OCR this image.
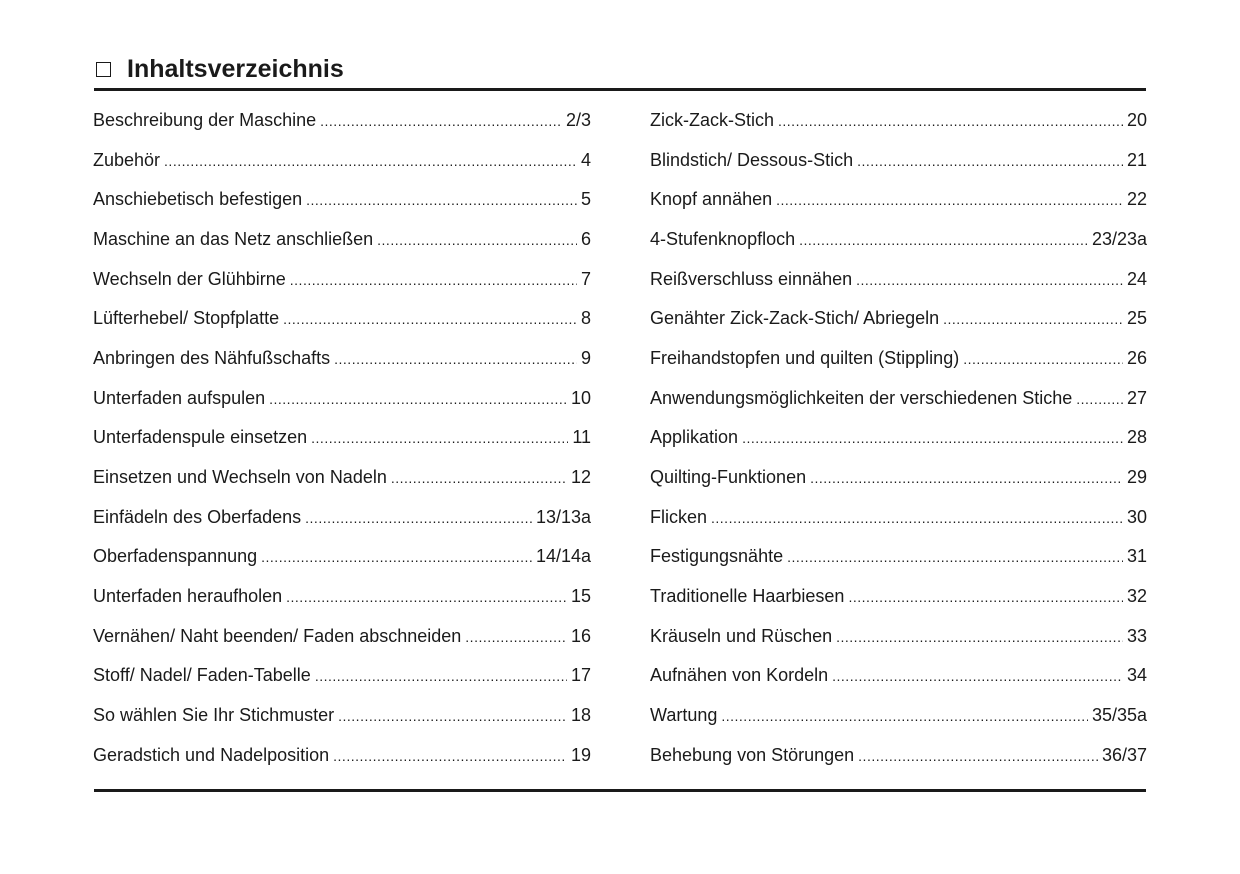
Inhaltsverzeichnis
Beschreibung der Maschine .....	2/3
Zubehör .....	4
Anschiebetisch befestigen .....	5
Maschine an das Netz anschließen .....	6
Wechseln der Glühbirne .....	7
Lüfterhebel/ Stopfplatte .....	8
Anbringen des Nähfußschafts .....	9
Unterfaden aufspulen .....	10
Unterfadenspule einsetzen .....	11
Einsetzen und Wechseln von Nadeln .....	12
Einfädeln des Oberfadens .....	13/13a
Oberfadenspannung .....	14/14a
Unterfaden heraufholen .....	15
Vernähen/ Naht beenden/ Faden abschneiden .....	16
Stoff/ Nadel/ Faden-Tabelle .....	17
So wählen Sie Ihr Stichmuster .....	18
Geradstich und Nadelposition .....	19
Zick-Zack-Stich .....	20
Blindstich/ Dessous-Stich .....	21
Knopf annähen .....	22
4-Stufenknopfloch .....	23/23a
Reißverschluss einnähen .....	24
Genähter Zick-Zack-Stich/ Abriegeln .....	25
Freihandstopfen und quilten (Stippling) .....	26
Anwendungsmöglichkeiten der verschiedenen Stiche .....	27
Applikation .....	28
Quilting-Funktionen .....	29
Flicken .....	30
Festigungsnähte .....	31
Traditionelle Haarbiesen .....	32
Kräuseln und Rüschen .....	33
Aufnähen von Kordeln .....	34
Wartung .....	35/35a
Behebung von Störungen .....	36/37
